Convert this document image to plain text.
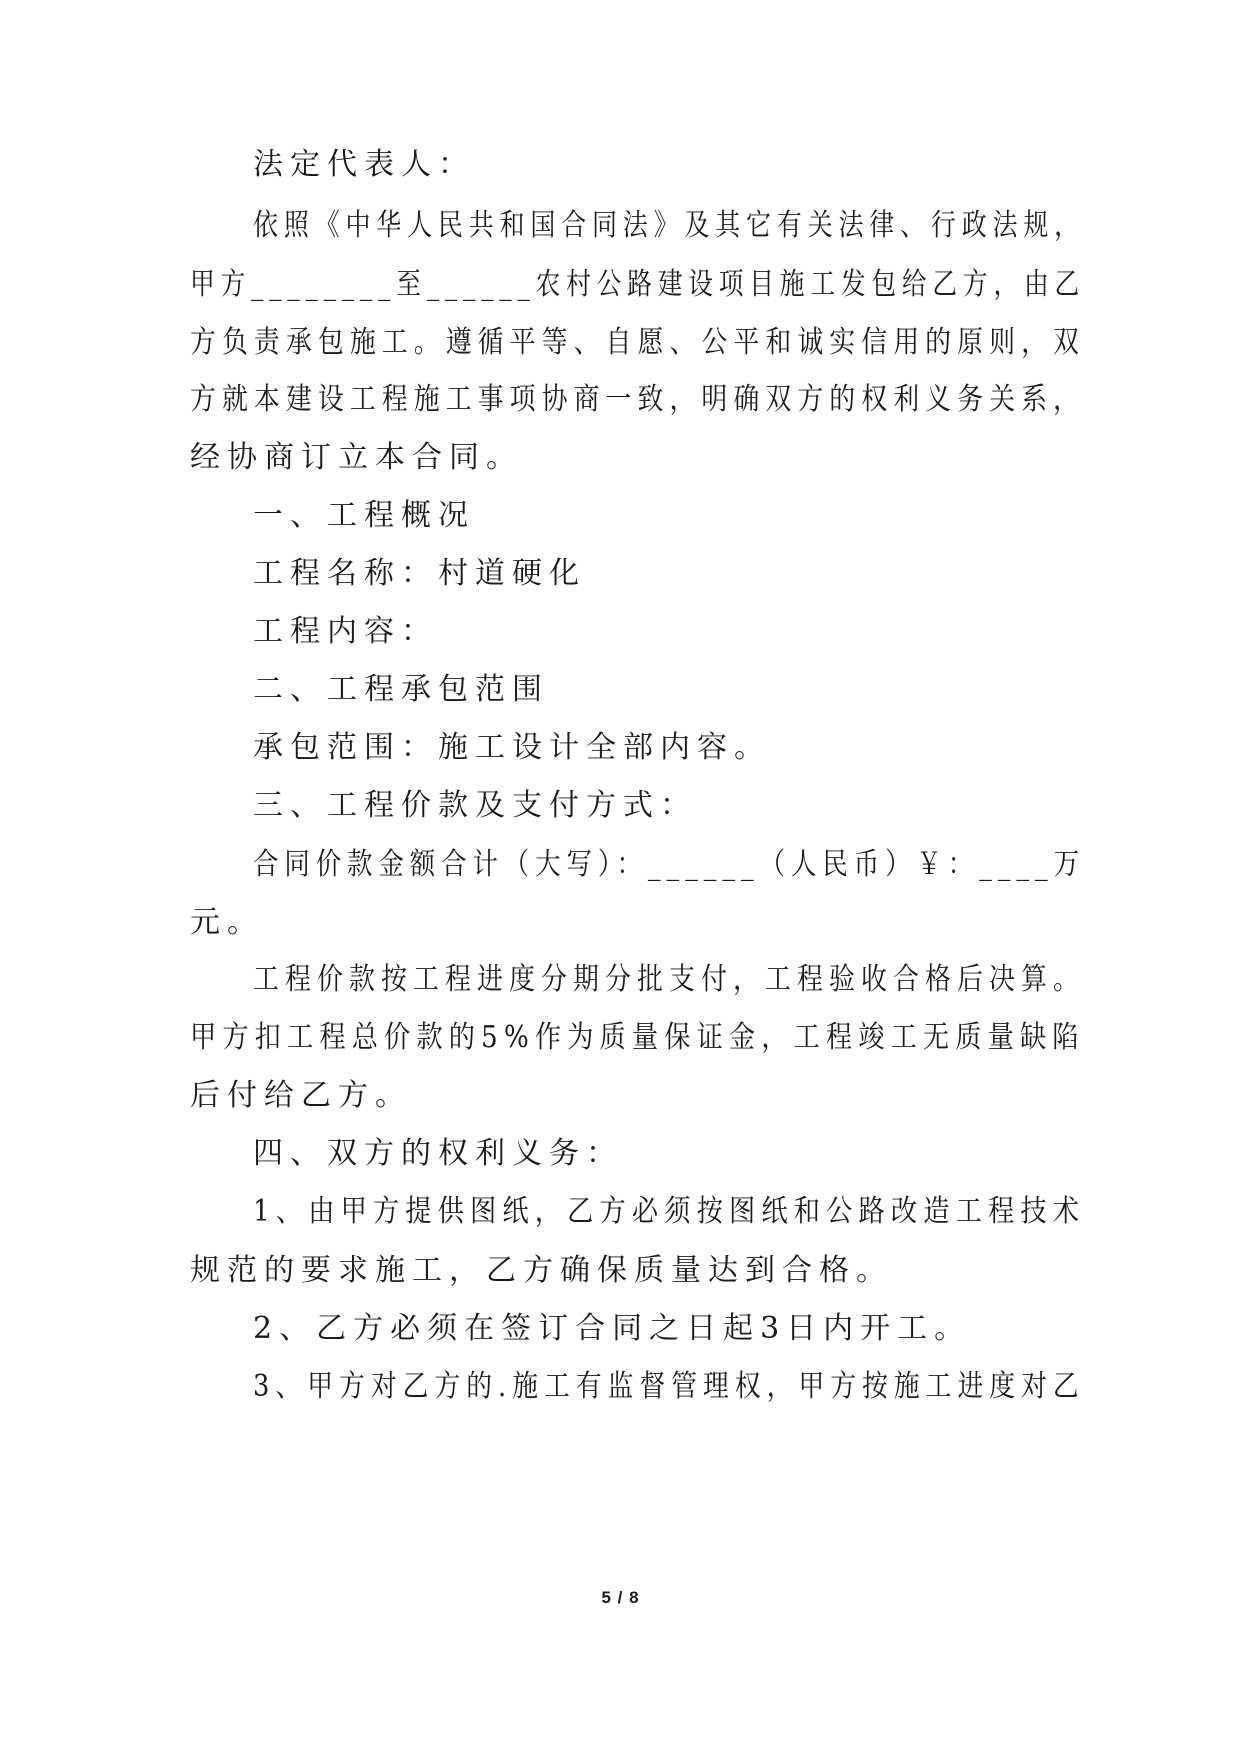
法定代表人：
依照《中华人民共和国合同法》及其它有关法律、行政法规，
甲方________至______农村公路建设项目施工发包给乙方，由乙
方负责承包施工。遵循平等、自愿、公平和诚实信用的原则，双
方就本建设工程施工事项协商一致，明确双方的权利义务关系，
经协商订立本合同。
一、工程概况
工程名称：村道硬化
工程内容：
二、工程承包范围
承包范围：施工设计全部内容。
三、工程价款及支付方式：
合同价款金额合计（大写）：______（人民币）￥：____万
元。
工程价款按工程进度分期分批支付，工程验收合格后决算。
甲方扣工程总价款的5%作为质量保证金，工程竣工无质量缺陷
后付给乙方。
四、双方的权利义务：
1、由甲方提供图纸，乙方必须按图纸和公路改造工程技术
规范的要求施工，乙方确保质量达到合格。
2、乙方必须在签订合同之日起3日内开工。
3、甲方对乙方的.施工有监督管理权，甲方按施工进度对乙
5 / 8
